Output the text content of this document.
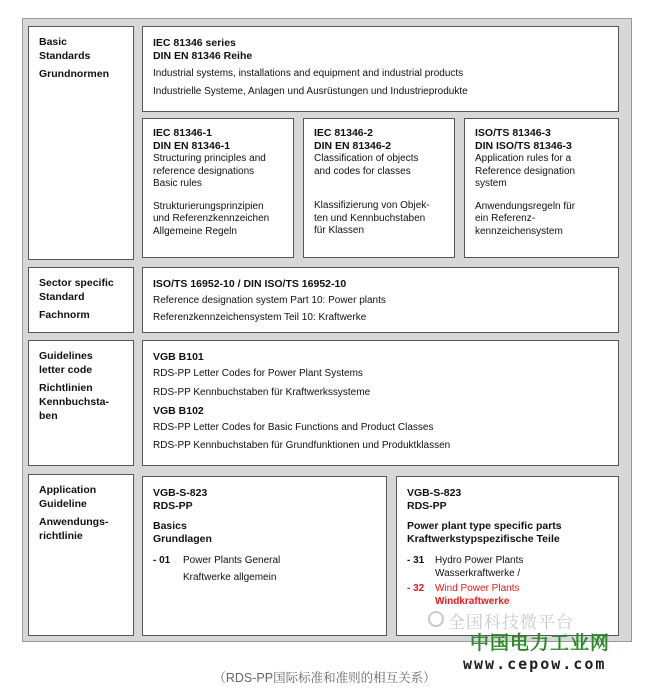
Basic
Standards
Grundnormen
Sector specific
Standard
Fachnorm
Guidelines
letter code
Richtlinien
Kennbuchsta-
ben
Application
Guideline
Anwendungs-
richtlinie
IEC 81346 series
DIN EN 81346 Reihe
Industrial systems, installations and equipment and industrial products
Industrielle Systeme, Anlagen und Ausrüstungen und Industrieprodukte
IEC 81346-1
DIN EN 81346-1
Structuring principles and
reference designations
Basic rules
Strukturierungsprinzipien
und Referenzkennzeichen
Allgemeine Regeln
IEC 81346-2
DIN EN 81346-2
Classification of objects
and codes for classes
Klassifizierung von Objek-
ten und Kennbuchstaben
für Klassen
ISO/TS 81346-3
DIN ISO/TS 81346-3
Application rules for a
Reference designation
system
Anwendungsregeln für
ein Referenz-
kennzeichensystem
ISO/TS 16952-10 / DIN ISO/TS 16952-10
Reference designation system Part 10: Power plants
Referenzkennzeichensystem Teil 10: Kraftwerke
VGB B101
RDS-PP Letter Codes for Power Plant Systems
RDS-PP Kennbuchstaben für Kraftwerkssysteme
VGB B102
RDS-PP Letter Codes for Basic Functions and Product Classes
RDS-PP Kennbuchstaben für Grundfunktionen und Produktklassen
VGB-S-823
RDS-PP
Basics
Grundlagen
- 01	Power Plants General
Kraftwerke allgemein
VGB-S-823
RDS-PP
Power plant type specific parts
Kraftwerkstypspezifische Teile
- 31	Hydro Power Plants
Wasserkraftwerke /
- 32	Wind Power Plants
Windkraftwerke
全国科技微平台
中国电力工业网
www.cepow.com
（RDS-PP国际标准和准则的相互关系）
